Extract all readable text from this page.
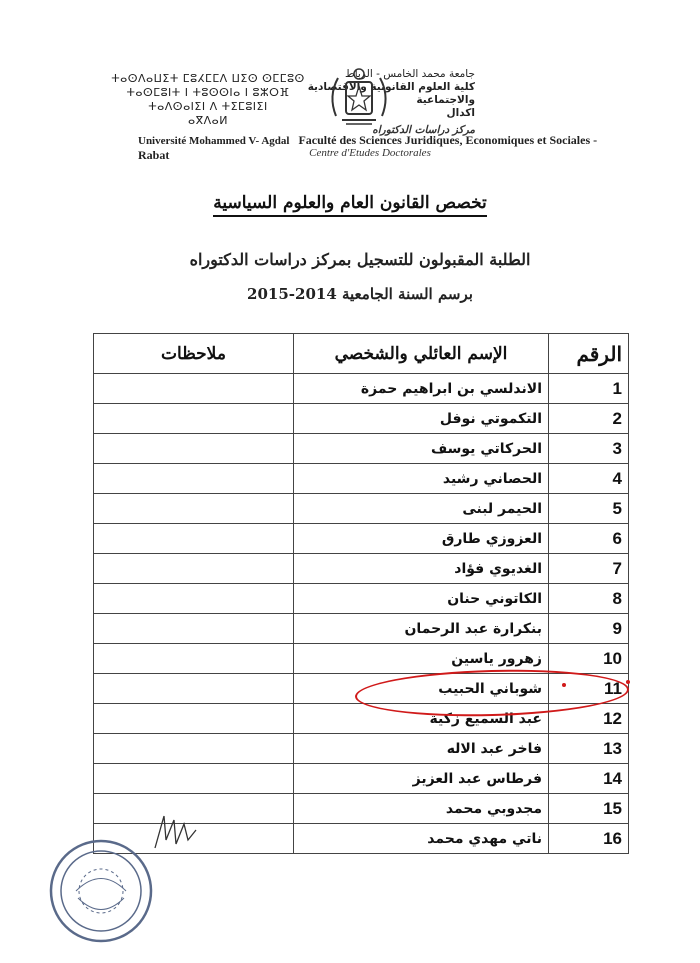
جامعة محمد الخامس - الرباط
كلية العلوم القانونية والاقتصادية والاجتماعية
اكدال
مركز دراسات الدكتوراه
ⵜⴰⵙⴷⴰⵡⵉⵜ ⵎⵓⵃⵎⵎⴷ ⵡⵉⵙ ⵙⵎⵎⵓⵙ
ⵜⴰⵙⵎⵓⵏⵜ ⵏ ⵜⵓⵙⵙⵏⴰ ⵏ ⵓⵣⵔⴼ
ⵜⴰⴷⵙⴰⵏⵉⵏ ⴷ ⵜⵉⵎⵓⵏⵉⵏ
ⴰⴳⴷⴰⵍ
Université Mohammed V- Agdal Faculté des Sciences Juridiques, Economiques et Sociales -Rabat	Centre d'Etudes Doctorales
تخصص القانون العام والعلوم السياسية
الطلبة المقبولون للتسجيل بمركز دراسات الدكتوراه
برسم السنة الجامعية 2014-2015
الرقم	الإسم العائلي والشخصي	ملاحظات
1	الاندلسي بن ابراهيم حمزة	
2	التكموتي نوفل	
3	الحركاتي يوسف	
4	الحصاني رشيد	
5	الحيمر لبنى	
6	العزوزي طارق	
7	الغديوي فؤاد	
8	الكاتوني حنان	
9	بنكرارة عبد الرحمان	
10	زهرور ياسين	
11	شوباني الحبيب	
12	عبد السميع زكية	
13	فاخر عبد الاله	
14	فرطاس عبد العزيز	
15	مجدوبي محمد	
16	ناتي مهدي محمد	
